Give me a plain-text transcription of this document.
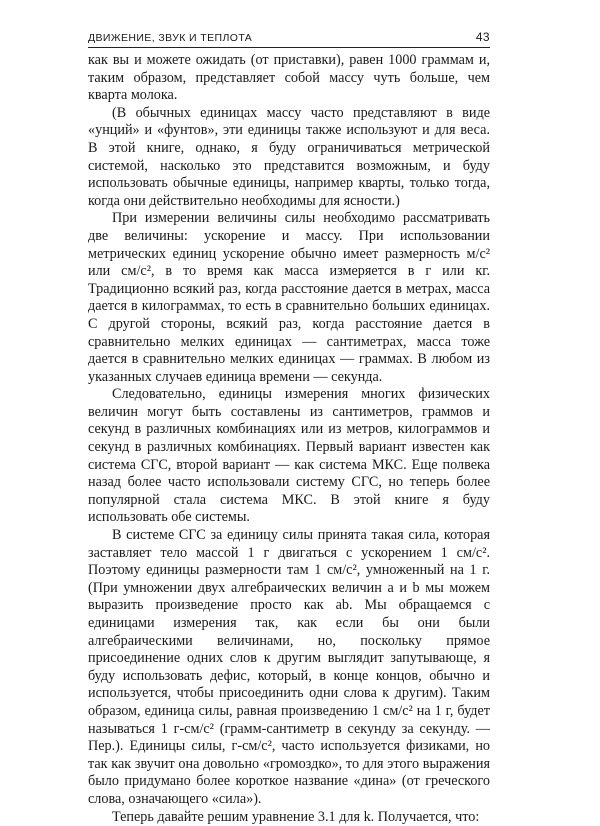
ДВИЖЕНИЕ, ЗВУК И ТЕПЛОТА	43

как вы и можете ожидать (от приставки), равен 1000 граммам и, таким образом, представляет собой массу чуть больше, чем кварта молока.

(В обычных единицах массу часто представляют в виде «унций» и «фунтов», эти единицы также используют и для веса. В этой книге, однако, я буду ограничиваться метрической системой, насколько это представится возможным, и буду использовать обычные единицы, например кварты, только тогда, когда они действительно необходимы для ясности.)

При измерении величины силы необходимо рассматривать две величины: ускорение и массу. При использовании метрических единиц ускорение обычно имеет размерность м/с² или см/с², в то время как масса измеряется в г или кг. Традиционно всякий раз, когда расстояние дается в метрах, масса дается в килограммах, то есть в сравнительно больших единицах. С другой стороны, всякий раз, когда расстояние дается в сравнительно мелких единицах — сантиметрах, масса тоже дается в сравнительно мелких единицах — граммах. В любом из указанных случаев единица времени — секунда.

Следовательно, единицы измерения многих физических величин могут быть составлены из сантиметров, граммов и секунд в различных комбинациях или из метров, килограммов и секунд в различных комбинациях. Первый вариант известен как система СГС, второй вариант — как система МКС. Еще полвека назад более часто использовали систему СГС, но теперь более популярной стала система МКС. В этой книге я буду использовать обе системы.

В системе СГС за единицу силы принята такая сила, которая заставляет тело массой 1 г двигаться с ускорением 1 см/с². Поэтому единицы размерности там 1 см/с², умноженный на 1 г. (При умножении двух алгебраических величин a и b мы можем выразить произведение просто как ab. Мы обращаемся с единицами измерения так, как если бы они были алгебраическими величинами, но, поскольку прямое присоединение одних слов к другим выглядит запутывающе, я буду использовать дефис, который, в конце концов, обычно и используется, чтобы присоединить одни слова к другим). Таким образом, единица силы, равная произведению 1 см/с² на 1 г, будет называться 1 г-см/с² (грамм-сантиметр в секунду за секунду. — Пер.). Единицы силы, г-см/с², часто используется физиками, но так как звучит она довольно «громоздко», то для этого выражения было придумано более короткое название «дина» (от греческого слова, означающего «сила»).

Теперь давайте решим уравнение 3.1 для k. Получается, что:
